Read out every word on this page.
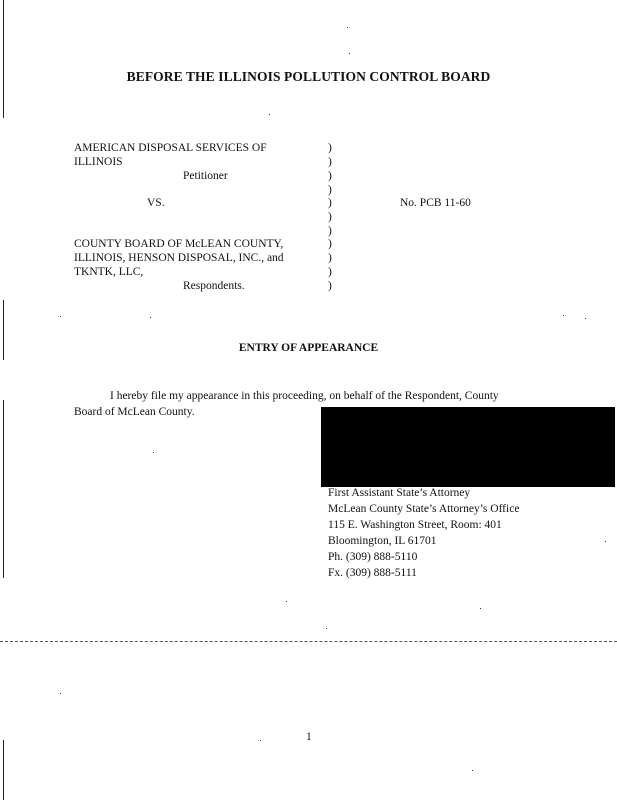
BEFORE THE ILLINOIS POLLUTION CONTROL BOARD
AMERICAN DISPOSAL SERVICES OF
ILLINOIS
Petitioner
VS.
COUNTY BOARD OF McLEAN COUNTY,
ILLINOIS, HENSON DISPOSAL, INC., and
TKNTK, LLC,
Respondents.
)
)
)
)
)
)
)
)
)
)
)
No. PCB 11-60
ENTRY OF APPEARANCE
I hereby file my appearance in this proceeding, on behalf of the Respondent, County
Board of McLean County.
First Assistant State’s Attorney
McLean County State’s Attorney’s Office
115 E. Washington Street, Room: 401
Bloomington, IL 61701
Ph. (309) 888-5110
Fx. (309) 888-5111
1
